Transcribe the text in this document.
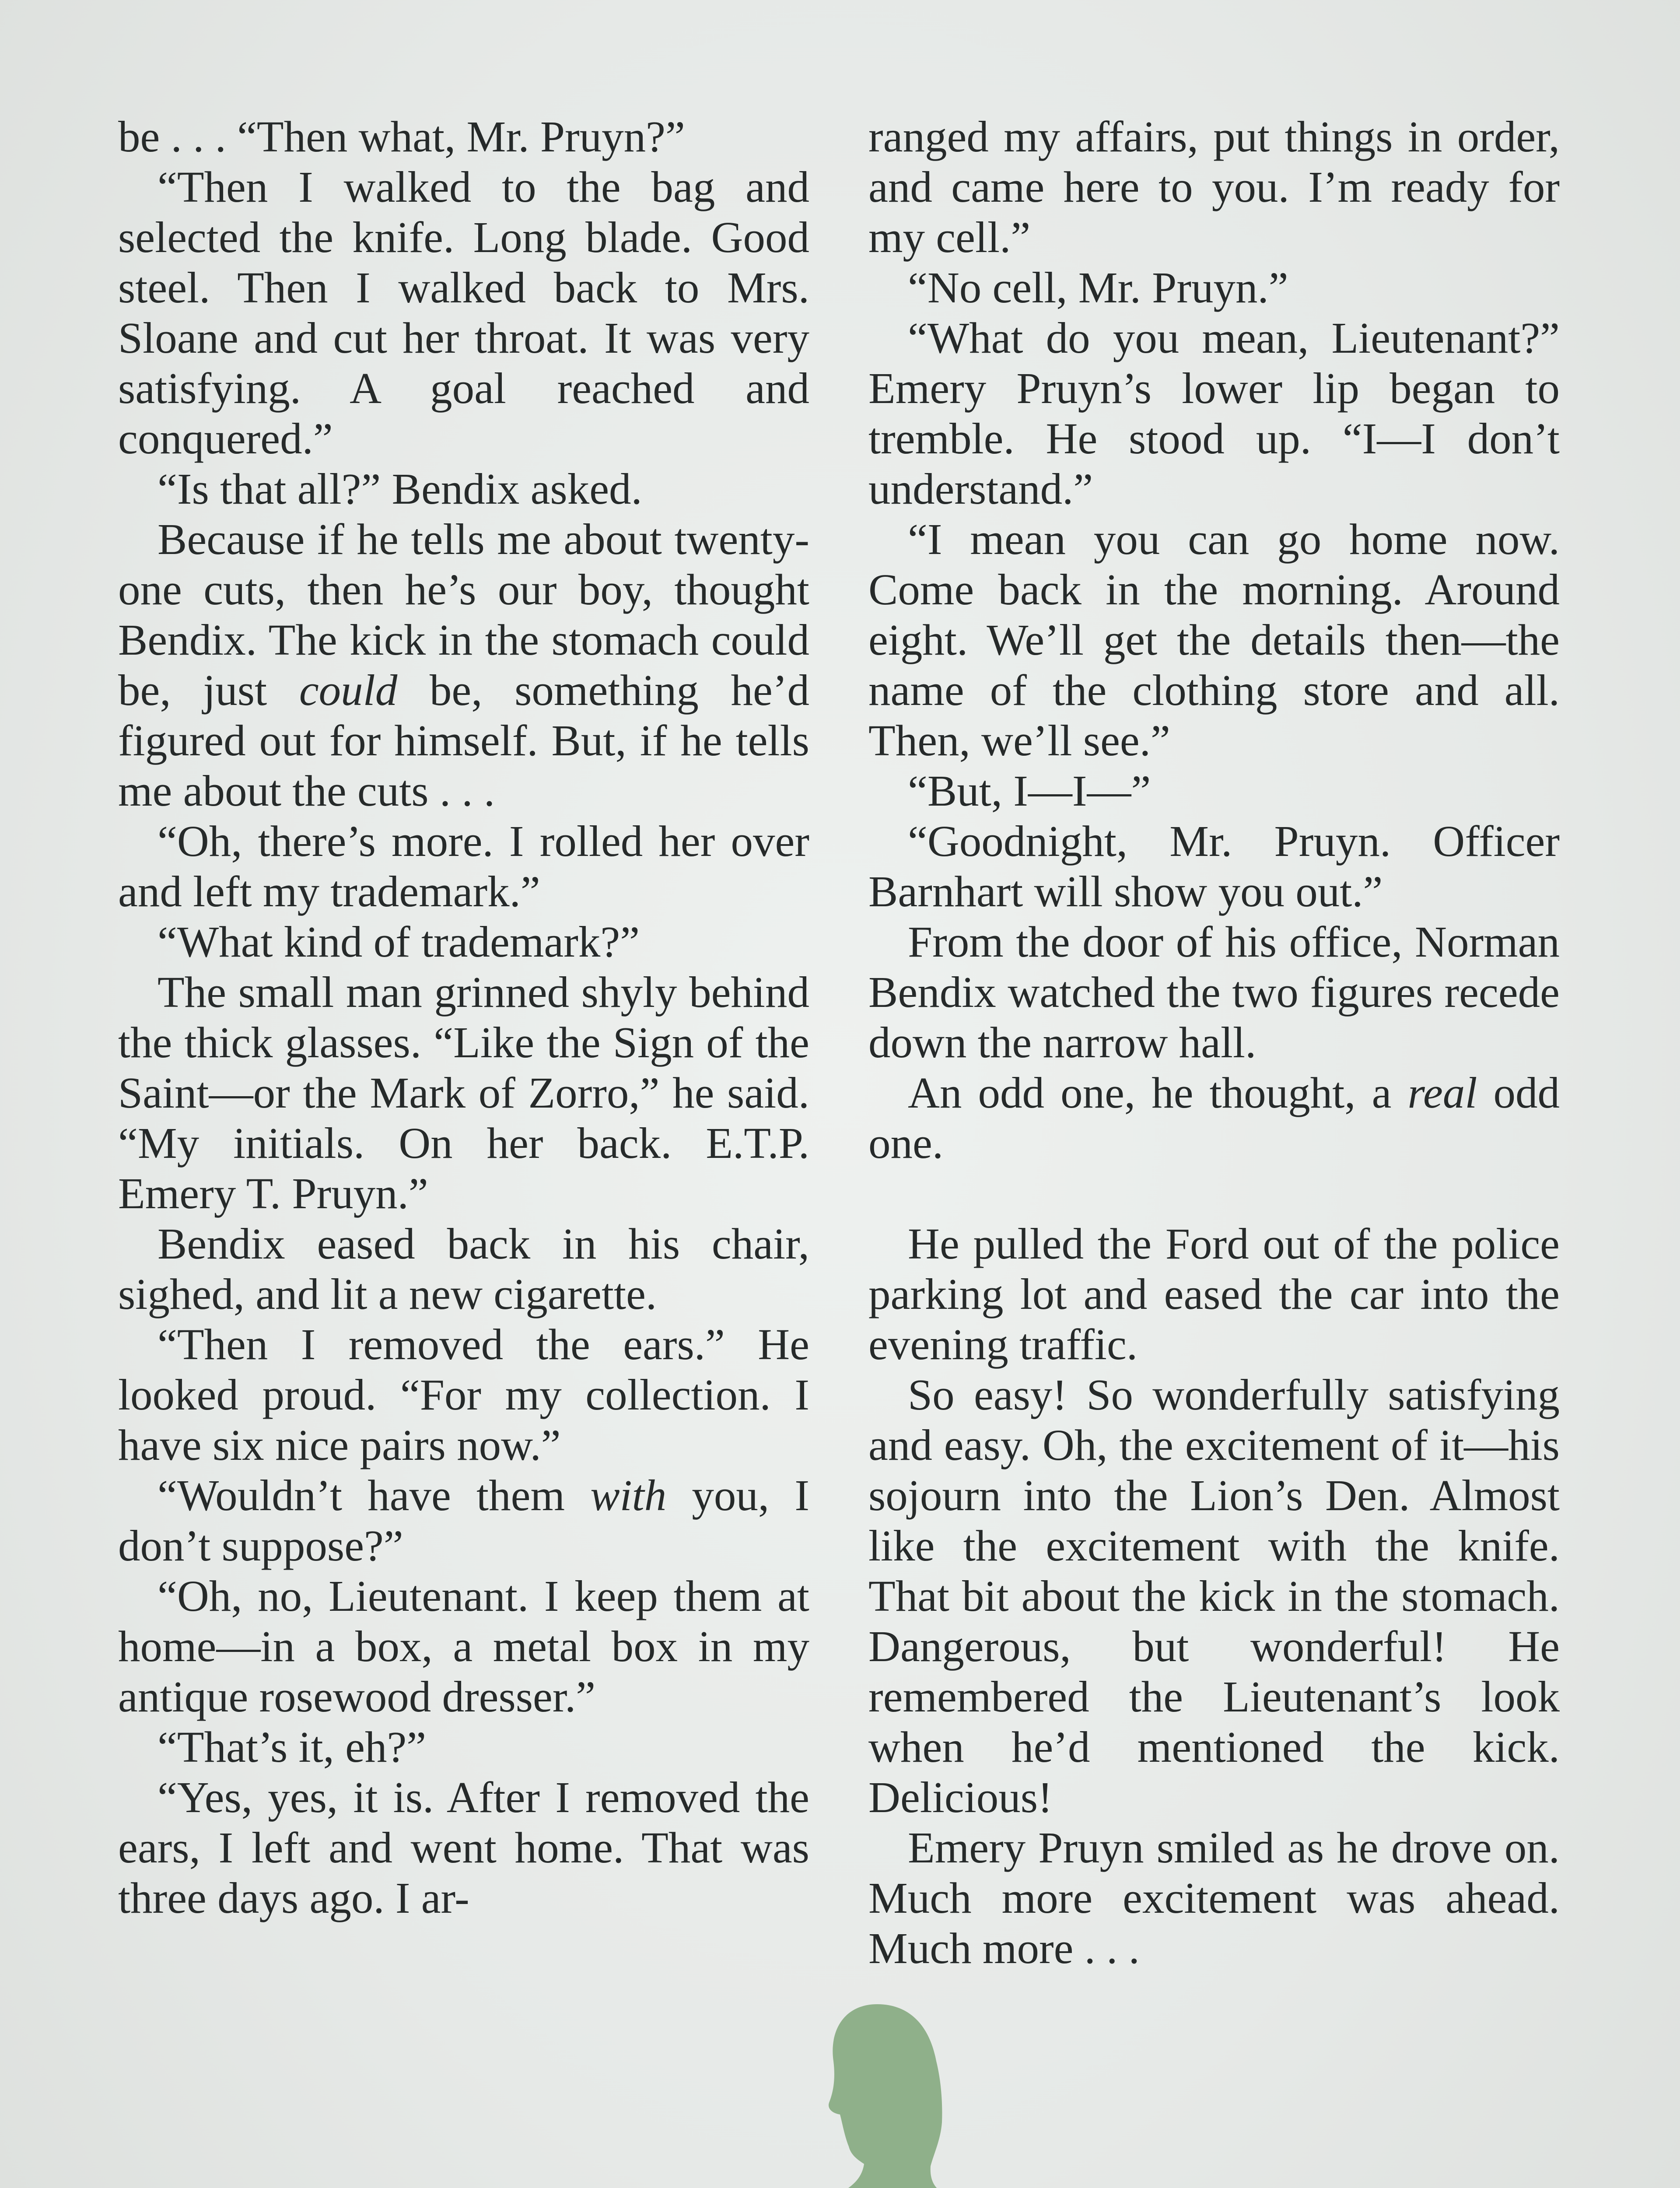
be . . . “Then what, Mr. Pruyn?”

“Then I walked to the bag and selected the knife. Long blade. Good steel. Then I walked back to Mrs. Sloane and cut her throat. It was very satisfying. A goal reached and conquered.”

“Is that all?” Bendix asked.

Because if he tells me about twenty-one cuts, then he’s our boy, thought Bendix. The kick in the stomach could be, just could be, something he’d figured out for himself. But, if he tells me about the cuts . . .

“Oh, there’s more. I rolled her over and left my trademark.”

“What kind of trademark?”

The small man grinned shyly behind the thick glasses. “Like the Sign of the Saint—or the Mark of Zorro,” he said. “My initials. On her back. E.T.P. Emery T. Pruyn.”

Bendix eased back in his chair, sighed, and lit a new cigarette.

“Then I removed the ears.” He looked proud. “For my collection. I have six nice pairs now.”

“Wouldn’t have them with you, I don’t suppose?”

“Oh, no, Lieutenant. I keep them at home—in a box, a metal box in my antique rosewood dresser.”

“That’s it, eh?”

“Yes, yes, it is. After I removed the ears, I left and went home. That was three days ago. I ar-

ranged my affairs, put things in order, and came here to you. I’m ready for my cell.”

“No cell, Mr. Pruyn.”

“What do you mean, Lieutenant?” Emery Pruyn’s lower lip began to tremble. He stood up. “I—I don’t understand.”

“I mean you can go home now. Come back in the morning. Around eight. We’ll get the details then—the name of the clothing store and all. Then, we’ll see.”

“But, I—I—”

“Goodnight, Mr. Pruyn. Officer Barnhart will show you out.”

From the door of his office, Norman Bendix watched the two figures recede down the narrow hall.

An odd one, he thought, a real odd one.

He pulled the Ford out of the police parking lot and eased the car into the evening traffic.

So easy! So wonderfully satisfying and easy. Oh, the excitement of it—his sojourn into the Lion’s Den. Almost like the excitement with the knife. That bit about the kick in the stomach. Dangerous, but wonderful! He remembered the Lieutenant’s look when he’d mentioned the kick. Delicious!

Emery Pruyn smiled as he drove on. Much more excitement was ahead. Much more . . .
